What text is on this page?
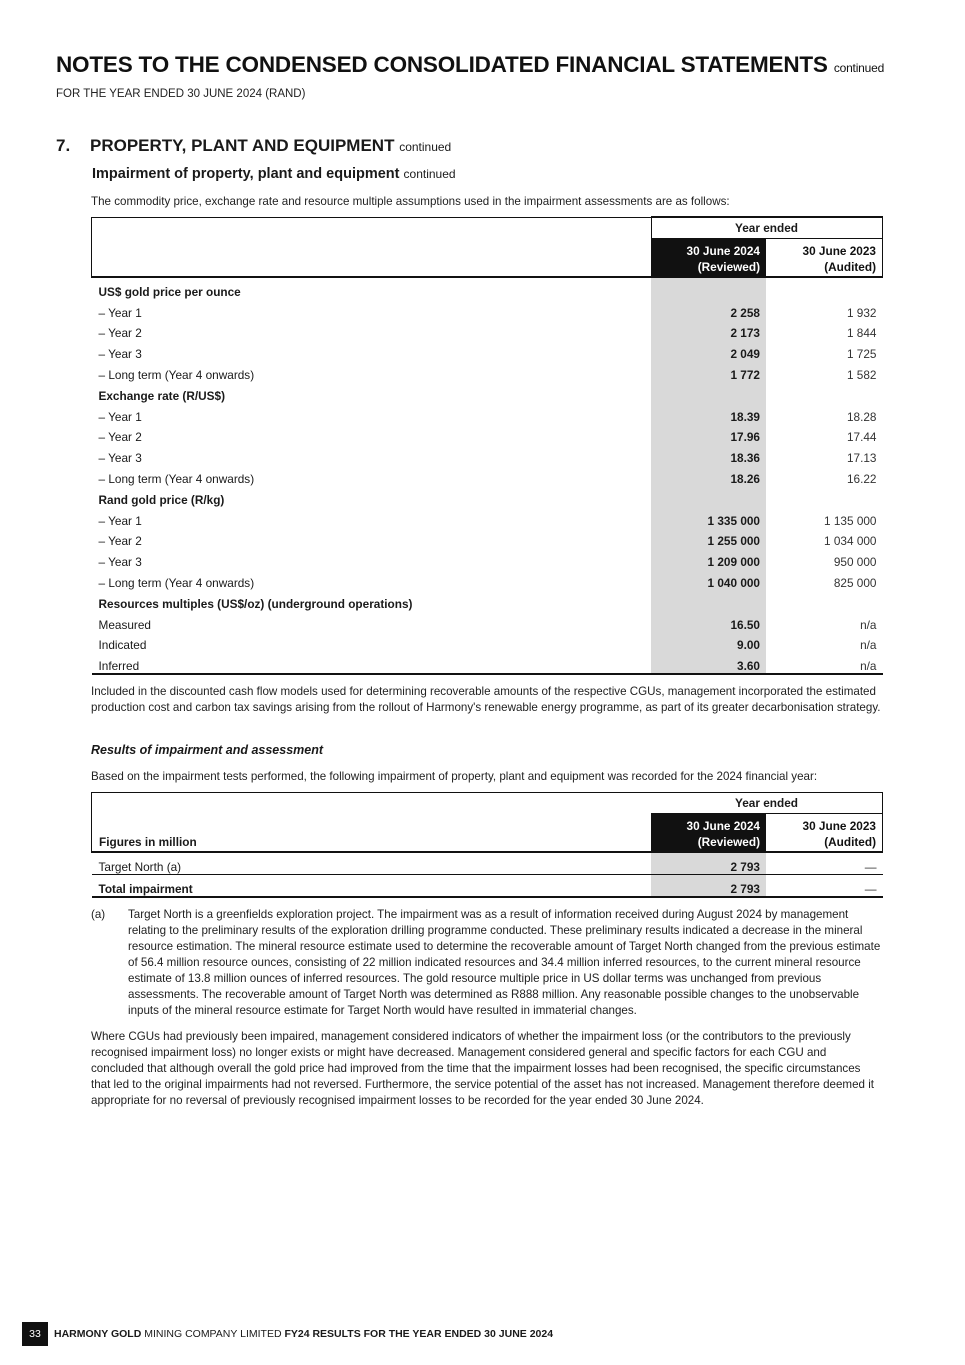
NOTES TO THE CONDENSED CONSOLIDATED FINANCIAL STATEMENTS continued
FOR THE YEAR ENDED 30 JUNE 2024 (RAND)
7. PROPERTY, PLANT AND EQUIPMENT continued
Impairment of property, plant and equipment continued
The commodity price, exchange rate and resource multiple assumptions used in the impairment assessments are as follows:
	Year ended	
	30 June 2024
(Reviewed)	30 June 2023
(Audited)
US$ gold price per ounce		
– Year 1	2 258	1 932
– Year 2	2 173	1 844
– Year 3	2 049	1 725
– Long term (Year 4 onwards)	1 772	1 582
Exchange rate (R/US$)		
– Year 1	18.39	18.28
– Year 2	17.96	17.44
– Year 3	18.36	17.13
– Long term (Year 4 onwards)	18.26	16.22
Rand gold price (R/kg)		
– Year 1	1 335 000	1 135 000
– Year 2	1 255 000	1 034 000
– Year 3	1 209 000	950 000
– Long term (Year 4 onwards)	1 040 000	825 000
Resources multiples (US$/oz) (underground operations)		
Measured	16.50	n/a
Indicated	9.00	n/a
Inferred	3.60	n/a
Included in the discounted cash flow models used for determining recoverable amounts of the respective CGUs, management incorporated the estimated production cost and carbon tax savings arising from the rollout of Harmony's renewable energy programme, as part of its greater decarbonisation strategy.
Results of impairment and assessment
Based on the impairment tests performed, the following impairment of property, plant and equipment was recorded for the 2024 financial year:
	Year ended	
Figures in million	30 June 2024
(Reviewed)	30 June 2023
(Audited)
Target North (a)	2 793	—
Total impairment	2 793	—
(a) Target North is a greenfields exploration project. The impairment was as a result of information received during August 2024 by management relating to the preliminary results of the exploration drilling programme conducted. These preliminary results indicated a decrease in the mineral resource estimation. The mineral resource estimate used to determine the recoverable amount of Target North changed from the previous estimate of 56.4 million resource ounces, consisting of 22 million indicated resources and 34.4 million inferred resources, to the current mineral resource estimate of 13.8 million ounces of inferred resources. The gold resource multiple price in US dollar terms was unchanged from previous assessments. The recoverable amount of Target North was determined as R888 million. Any reasonable possible changes to the unobservable inputs of the mineral resource estimate for Target North would have resulted in immaterial changes.
Where CGUs had previously been impaired, management considered indicators of whether the impairment loss (or the contributors to the previously recognised impairment loss) no longer exists or might have decreased. Management considered general and specific factors for each CGU and concluded that although overall the gold price had improved from the time that the impairment losses had been recognised, the specific circumstances that led to the original impairments had not reversed. Furthermore, the service potential of the asset has not increased. Management therefore deemed it appropriate for no reversal of previously recognised impairment losses to be recorded for the year ended 30 June 2024.
33	HARMONY GOLD
MINING COMPANY LIMITED
FY24 RESULTS FOR THE YEAR ENDED 30 JUNE 2024
